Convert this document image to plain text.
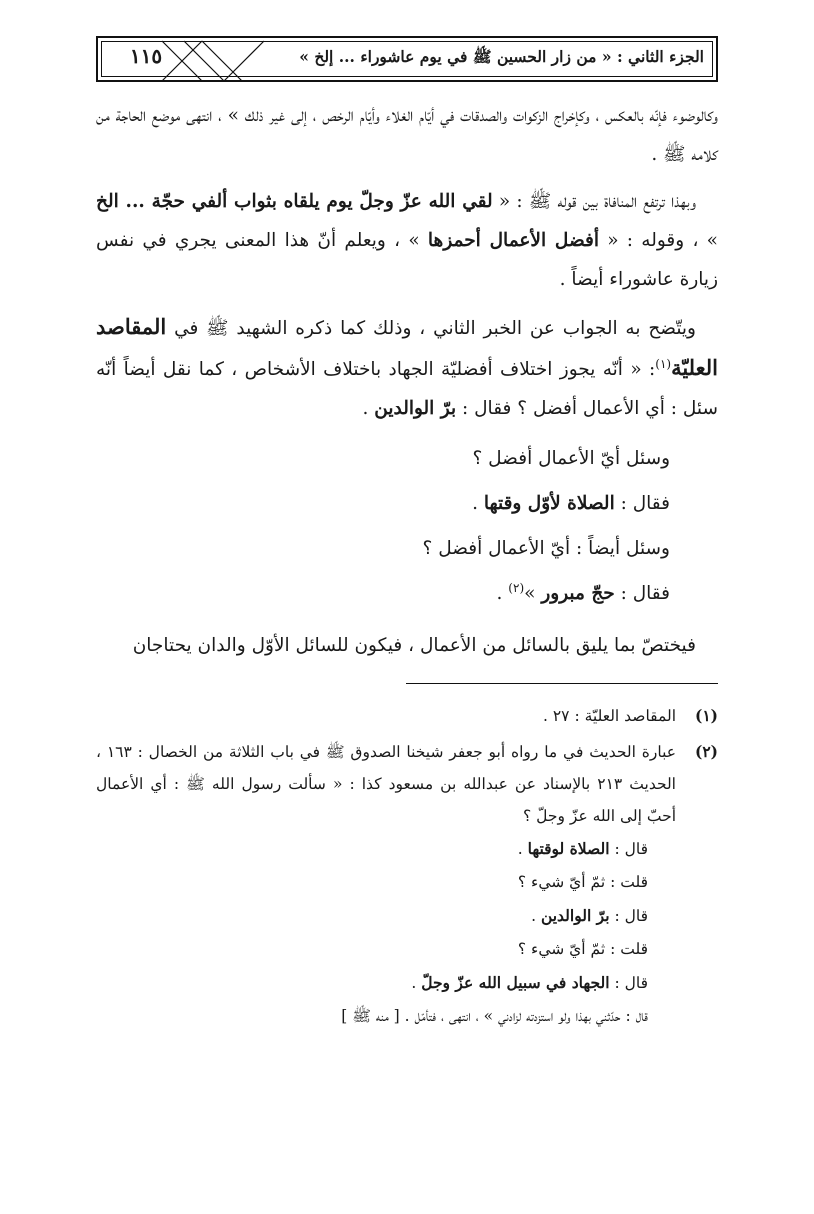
١١٥	الجزء الثاني : « من زار الحسين ﷺ في يوم عاشوراء ... إلخ »

وكالوضوء فإنّه بالعكس ، وكإخراج الزكوات والصدقات في أيّام الغلاء وأيّام الرخص ، إلى غير ذلك » ، انتهى موضع الحاجة من كلامه ﷺ .

وبهذا ترتفع المنافاة بين قوله ﷺ : « لقي الله عزّ وجلّ يوم يلقاه بثواب ألفي حجّة ... الخ » ، وقوله : « أفضل الأعمال أحمزها » ، ويعلم أنّ هذا المعنى يجري في نفس زيارة عاشوراء أيضاً .

ويتّضح به الجواب عن الخبر الثاني ، وذلك كما ذكره الشهيد ﷺ في المقاصد العليّة$^{(١)}$: « أنّه يجوز اختلاف أفضليّة الجهاد باختلاف الأشخاص ، كما نقل أيضاً أنّه سئل : أي الأعمال أفضل ؟ فقال : برّ الوالدين .

وسئل أيّ الأعمال أفضل ؟

فقال : الصلاة لأوّل وقتها .

وسئل أيضاً : أيّ الأعمال أفضل ؟

فقال : حجّ مبرور »$^{(٢)}$ .

فيختصّ بما يليق بالسائل من الأعمال ، فيكون للسائل الأوّل والدان يحتاجان

(١)
المقاصد العليّة : ٢٧ .
(٢)
عبارة الحديث في ما رواه أبو جعفر شيخنا الصدوق ﷺ في باب الثلاثة من الخصال : ١٦٣ ، الحديث ٢١٣ بالإسناد عن عبدالله بن مسعود كذا : « سألت رسول الله ﷺ : أي الأعمال أحبّ إلى الله عزّ وجلّ ؟
قال : الصلاة لوقتها .
قلت : ثمّ أيّ شيء ؟
قال : برّ الوالدين .
قلت : ثمّ أيّ شيء ؟
قال : الجهاد في سبيل الله عزّ وجلّ .
قال : حدّثني بهذا ولو استزدته لزادني » ، انتهى ، فتأمّل . [ منه ﷺ ]
